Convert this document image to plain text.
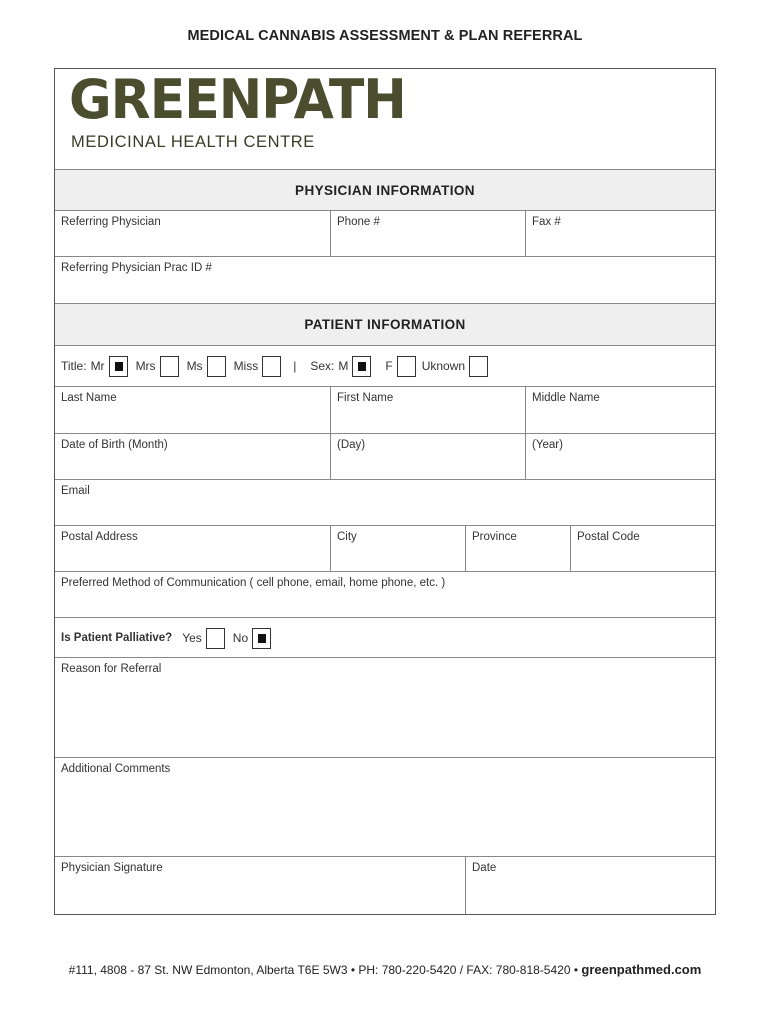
MEDICAL CANNABIS ASSESSMENT & PLAN REFERRAL
GREENPATH
MEDICINAL HEALTH CENTRE
PHYSICIAN INFORMATION
Referring Physician	Phone #	Fax #
Referring Physician Prac ID #
PATIENT INFORMATION
Title: Mr	Mrs	Ms	Miss	| Sex: M	F Uknown
Last Name	First Name	Middle Name
Date of Birth (Month)	(Day)	(Year)
Email
Postal Address	City	Province	Postal Code
Preferred Method of Communication ( cell phone, email, home phone, etc. )
Is Patient Palliative? Yes	No
Reason for Referral
Additional Comments
Physician Signature	Date
#111, 4808 - 87 St. NW Edmonton, Alberta T6E 5W3 • PH: 780-220-5420 / FAX: 780-818-5420 • greenpathmed.com
